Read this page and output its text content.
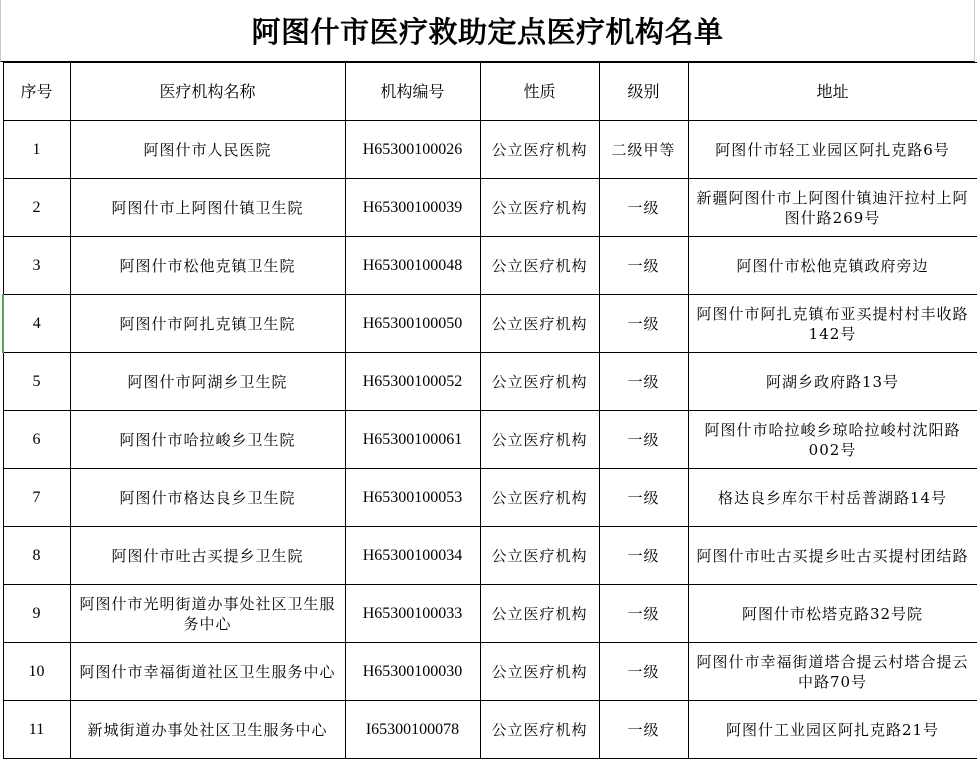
阿图什市医疗救助定点医疗机构名单
序号	医疗机构名称	机构编号	性质	级别	地址
1	阿图什市人民医院	H65300100026	公立医疗机构	二级甲等	阿图什市轻工业园区阿扎克路6号
2	阿图什市上阿图什镇卫生院	H65300100039	公立医疗机构	一级	新疆阿图什市上阿图什镇迪汗拉村上阿图什路269号
3	阿图什市松他克镇卫生院	H65300100048	公立医疗机构	一级	阿图什市松他克镇政府旁边
4	阿图什市阿扎克镇卫生院	H65300100050	公立医疗机构	一级	阿图什市阿扎克镇布亚买提村村丰收路142号
5	阿图什市阿湖乡卫生院	H65300100052	公立医疗机构	一级	阿湖乡政府路13号
6	阿图什市哈拉峻乡卫生院	H65300100061	公立医疗机构	一级	阿图什市哈拉峻乡琼哈拉峻村沈阳路002号
7	阿图什市格达良乡卫生院	H65300100053	公立医疗机构	一级	格达良乡库尔干村岳普湖路14号
8	阿图什市吐古买提乡卫生院	H65300100034	公立医疗机构	一级	阿图什市吐古买提乡吐古买提村团结路
9	阿图什市光明街道办事处社区卫生服务中心	H65300100033	公立医疗机构	一级	阿图什市松塔克路32号院
10	阿图什市幸福街道社区卫生服务中心	H65300100030	公立医疗机构	一级	阿图什市幸福街道塔合提云村塔合提云中路70号
11	新城街道办事处社区卫生服务中心	I65300100078	公立医疗机构	一级	阿图什工业园区阿扎克路21号
